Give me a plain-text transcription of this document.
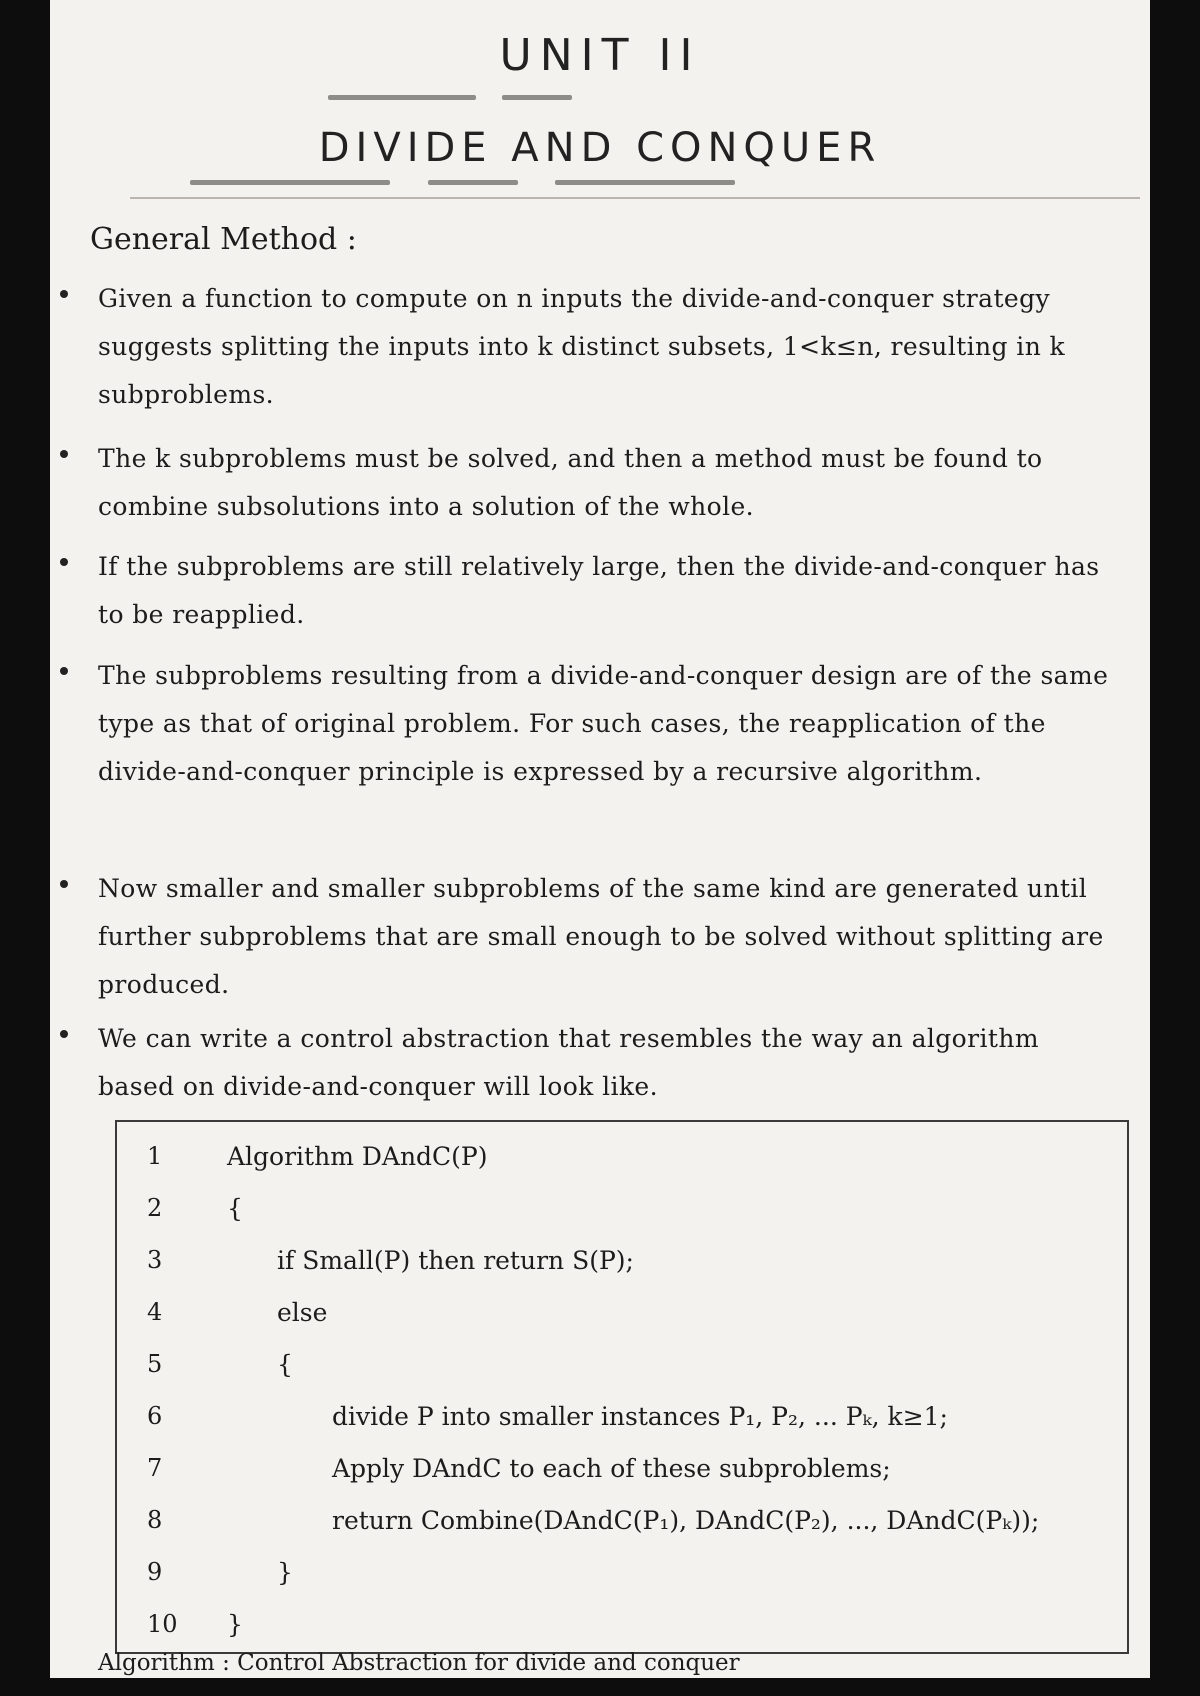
UNIT II
DIVIDE AND CONQUER
General Method :
Given a function to compute on n inputs the divide-and-conquer strategy suggests splitting the inputs into k distinct subsets, 1<k≤n, resulting in k subproblems.
The k subproblems must be solved, and then a method must be found to combine subsolutions into a solution of the whole.
If the subproblems are still relatively large, then the divide-and-conquer has to be reapplied.
The subproblems resulting from a divide-and-conquer design are of the same type as that of original problem. For such cases, the reapplication of the divide-and-conquer principle is expressed by a recursive algorithm.
Now smaller and smaller subproblems of the same kind are generated until further subproblems that are small enough to be solved without splitting are produced.
We can write a control abstraction that resembles the way an algorithm based on divide-and-conquer will look like.
1	Algorithm DAndC(P)
2	{
3	if Small(P) then return S(P);
4	else
5	{
6	divide P into smaller instances P₁, P₂, ... Pₖ, k≥1;
7	Apply DAndC to each of these subproblems;
8	return Combine(DAndC(P₁), DAndC(P₂), ..., DAndC(Pₖ));
9	}
10	}
Algorithm : Control Abstraction for divide and conquer
